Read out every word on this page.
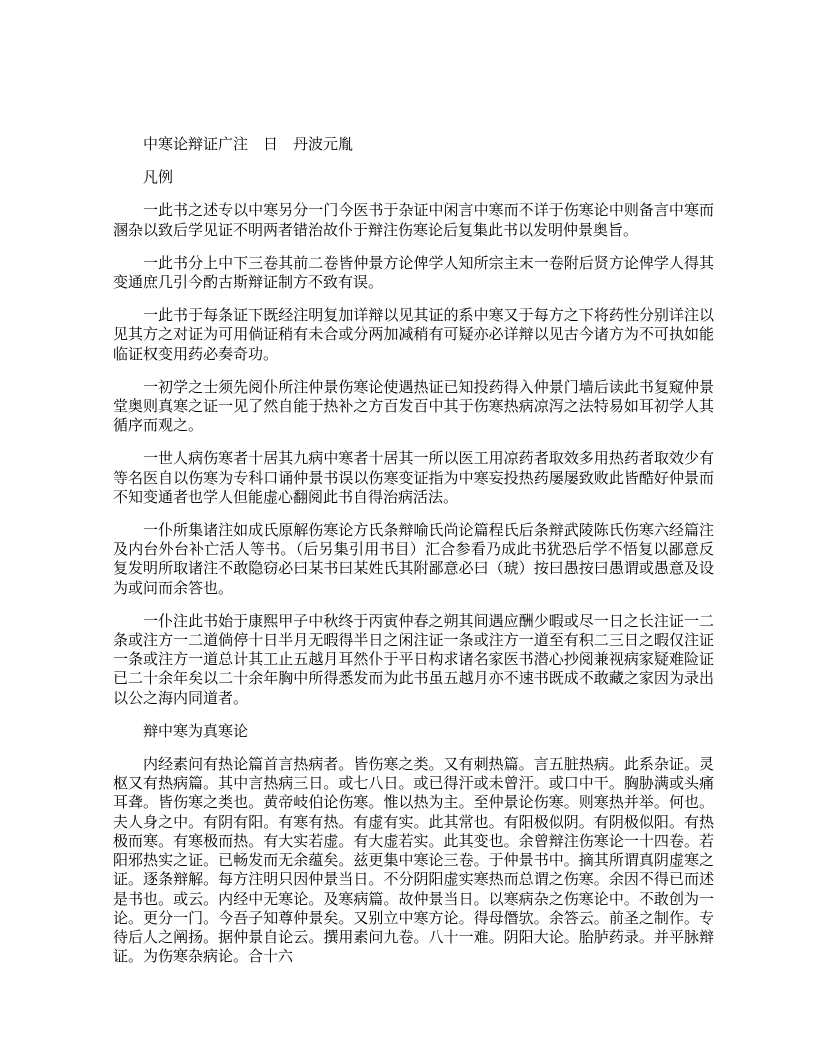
中寒论辩证广注　日　丹波元胤

凡例

一此书之述专以中寒另分一门今医书于杂证中闲言中寒而不详于伤寒论中则备言中寒而溷杂以致后学见证不明两者错治故仆于辩注伤寒论后复集此书以发明仲景奥旨。

一此书分上中下三卷其前二卷皆仲景方论俾学人知所宗主末一卷附后贤方论俾学人得其变通庶几引今酌古斯辩证制方不致有误。

一此书于每条证下既经注明复加详辩以见其证的系中寒又于每方之下将药性分别详注以见其方之对证为可用倘证稍有未合或分两加减稍有可疑亦必详辩以见古今诸方为不可执如能临证权变用药必奏奇功。

一初学之士须先阅仆所注仲景伤寒论使遇热证已知投药得入仲景门墙后读此书复窥仲景堂奥则真寒之证一见了然自能于热补之方百发百中其于伤寒热病凉泻之法特易如耳初学人其循序而观之。

一世人病伤寒者十居其九病中寒者十居其一所以医工用凉药者取效多用热药者取效少有等名医自以伤寒为专科口诵仲景书误以伤寒变证指为中寒妄投热药屡屡致败此皆酷好仲景而不知变通者也学人但能虚心翻阅此书自得治病活法。

一仆所集诸注如成氏原解伤寒论方氏条辩喻氏尚论篇程氏后条辩武陵陈氏伤寒六经篇注及内台外台补亡活人等书。（后另集引用书目）汇合参看乃成此书犹恐后学不悟复以鄙意反复发明所取诸注不敢隐窃必曰某书曰某姓氏其附鄙意必曰（琥）按曰愚按曰愚谓或愚意及设为或问而余答也。

一仆注此书始于康熙甲子中秋终于丙寅仲春之朔其间遇应酬少暇或尽一日之长注证一二条或注方一二道倘停十日半月无暇得半日之闲注证一条或注方一道至有积二三日之暇仅注证一条或注方一道总计其工止五越月耳然仆于平日构求诸名家医书潜心抄阅兼视病家疑难险证已二十余年矣以二十余年胸中所得悉发而为此书虽五越月亦不速书既成不敢藏之家因为录出以公之海内同道者。

辩中寒为真寒论

内经素问有热论篇首言热病者。皆伤寒之类。又有刺热篇。言五脏热病。此系杂证。灵枢又有热病篇。其中言热病三日。或七八日。或已得汗或未曾汗。或口中干。胸胁满或头痛耳聋。皆伤寒之类也。黄帝岐伯论伤寒。惟以热为主。至仲景论伤寒。则寒热并举。何也。夫人身之中。有阴有阳。有寒有热。有虚有实。此其常也。有阳极似阴。有阴极似阳。有热极而寒。有寒极而热。有大实若虚。有大虚若实。此其变也。余曾辩注伤寒论一十四卷。若阳邪热实之证。已畅发而无余蕴矣。兹更集中寒论三卷。于仲景书中。摘其所谓真阴虚寒之证。逐条辩解。每方注明只因仲景当日。不分阴阳虚实寒热而总谓之伤寒。余因不得已而述是书也。或云。内经中无寒论。及寒病篇。故仲景当日。以寒病杂之伤寒论中。不敢创为一论。更分一门。今吾子知尊仲景矣。又别立中寒方论。得母僭欤。余答云。前圣之制作。专待后人之阐扬。据仲景自论云。撰用素问九卷。八十一难。阴阳大论。胎胪药录。并平脉辩证。为伤寒杂病论。合十六
